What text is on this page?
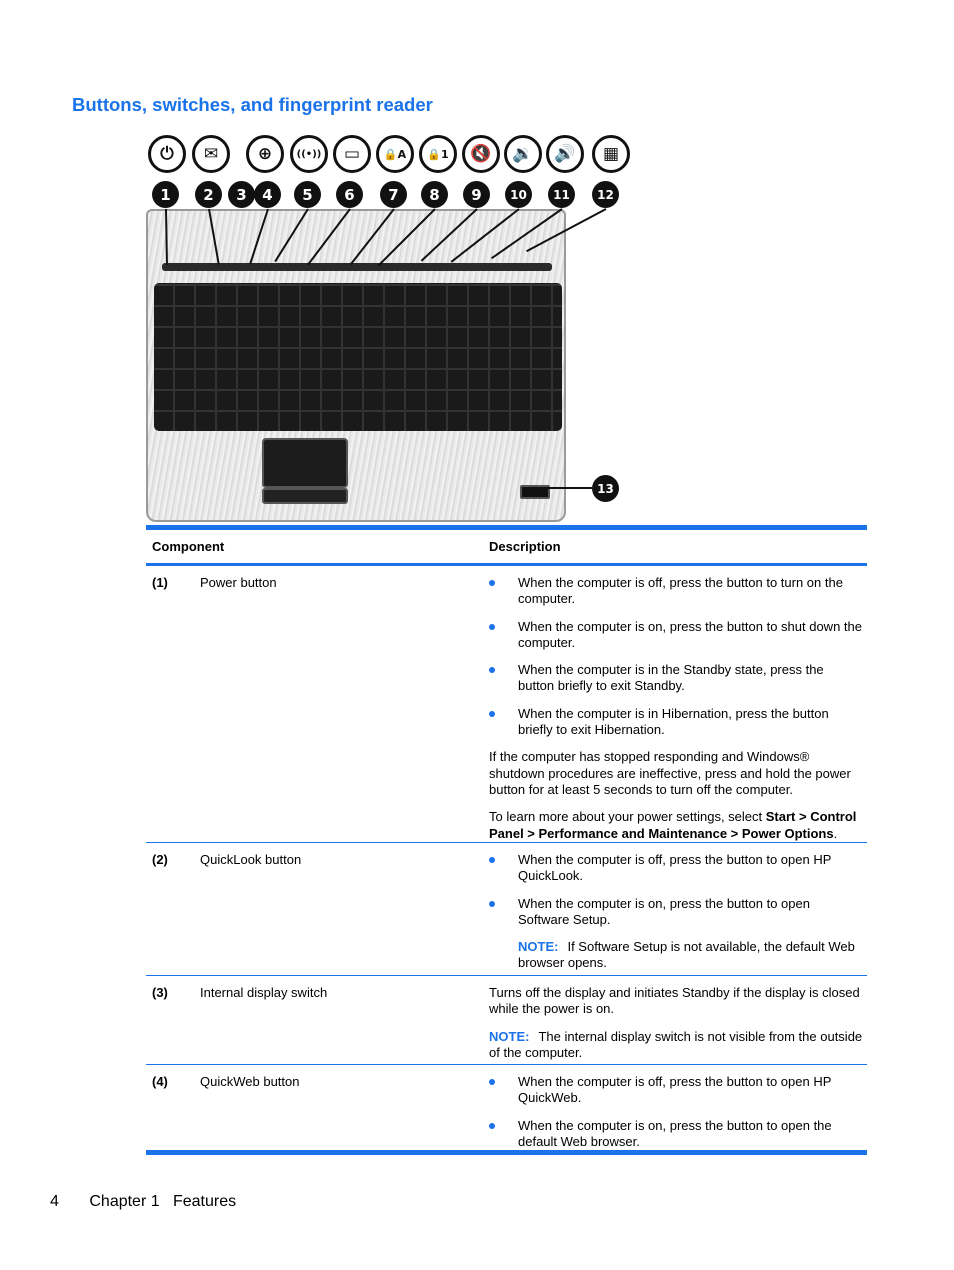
Buttons, switches, and fingerprint reader
⏻	✉	⊕	((•))	▭	🔒A	🔒1	🔇	🔉	🔊	▦
1	2	3	4	5	6	7	8	9	10	11	12
13
Component	Description
(1) Power button	When the computer is off, press the button to turn on the computer.
When the computer is on, press the button to shut down the computer.
When the computer is in the Standby state, press the button briefly to exit Standby.
When the computer is in Hibernation, press the button briefly to exit Hibernation.
If the computer has stopped responding and Windows® shutdown procedures are ineffective, press and hold the power button for at least 5 seconds to turn off the computer.
To learn more about your power settings, select Start > Control Panel > Performance and Maintenance > Power Options.
(2) QuickLook button	When the computer is off, press the button to open HP QuickLook.
When the computer is on, press the button to open Software Setup.
NOTE: If Software Setup is not available, the default Web browser opens.
(3) Internal display switch	Turns off the display and initiates Standby if the display is closed while the power is on.
NOTE: The internal display switch is not visible from the outside of the computer.
(4) QuickWeb button	When the computer is off, press the button to open HP QuickWeb.
When the computer is on, press the button to open the default Web browser.
4 Chapter 1   Features
